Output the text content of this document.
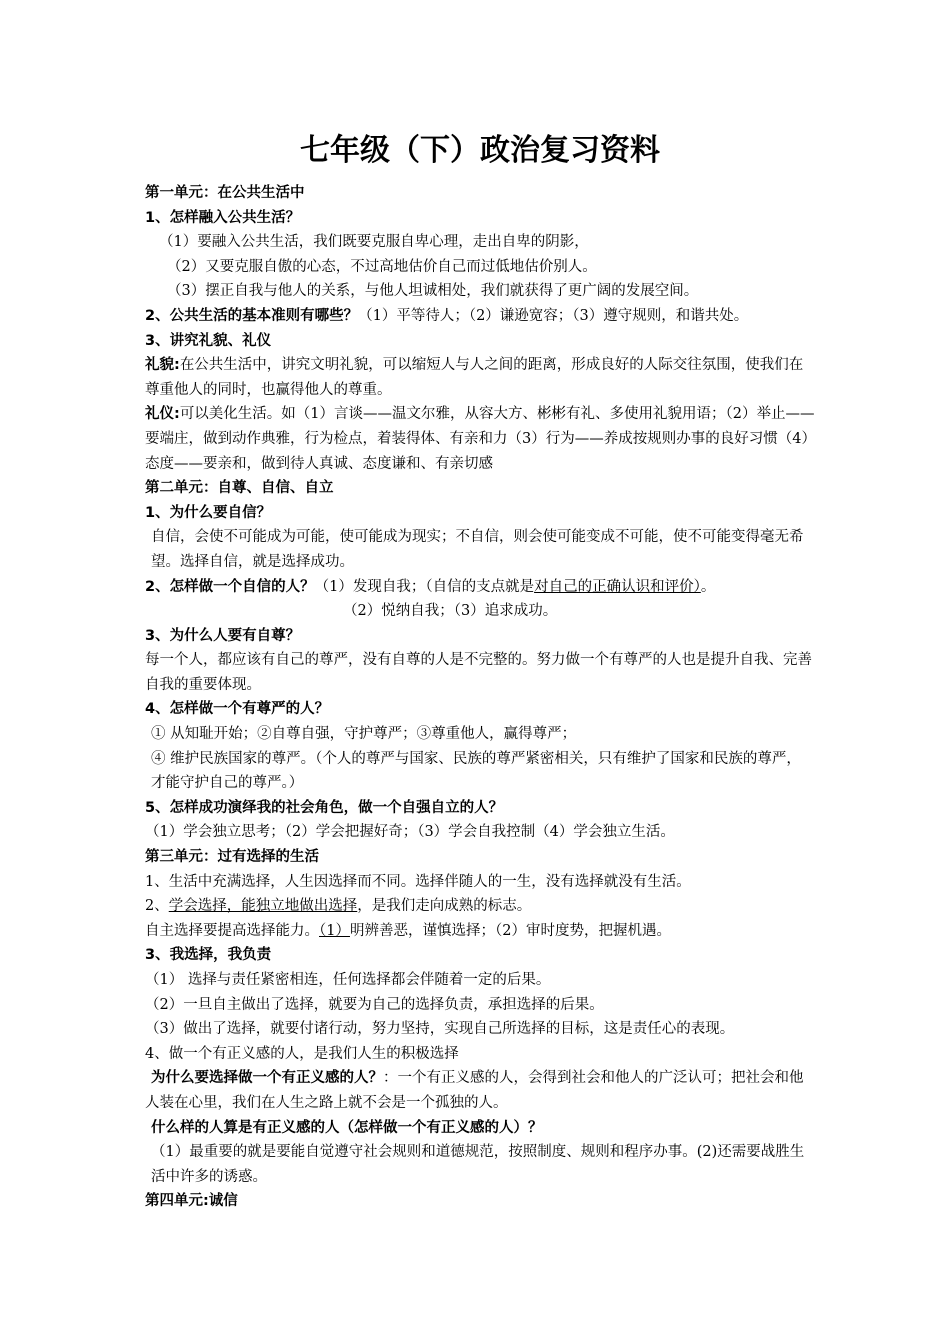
七年级（下）政治复习资料
第一单元：在公共生活中
1、怎样融入公共生活？
（1）要融入公共生活，我们既要克服自卑心理，走出自卑的阴影，
（2）又要克服自傲的心态，不过高地估价自己而过低地估价别人。
（3）摆正自我与他人的关系，与他人坦诚相处，我们就获得了更广阔的发展空间。
2、公共生活的基本准则有哪些？（1）平等待人；（2）谦逊宽容；（3）遵守规则，和谐共处。
3、讲究礼貌、礼仪
礼貌:在公共生活中，讲究文明礼貌，可以缩短人与人之间的距离，形成良好的人际交往氛围，使我们在尊重他人的同时，也赢得他人的尊重。
礼仪:可以美化生活。如（1）言谈——温文尔雅，从容大方、彬彬有礼、多使用礼貌用语；（2）举止——要端庄，做到动作典雅，行为检点，着装得体、有亲和力（3）行为——养成按规则办事的良好习惯（4）态度——要亲和，做到待人真诚、态度谦和、有亲切感
第二单元：自尊、自信、自立
1、为什么要自信？
自信，会使不可能成为可能，使可能成为现实；不自信，则会使可能变成不可能，使不可能变得毫无希望。选择自信，就是选择成功。
2、怎样做一个自信的人？（1）发现自我；（自信的支点就是对自己的正确认识和评价）。
（2）悦纳自我；（3）追求成功。
3、为什么人要有自尊？
每一个人，都应该有自己的尊严，没有自尊的人是不完整的。努力做一个有尊严的人也是提升自我、完善自我的重要体现。
4、怎样做一个有尊严的人？
① 从知耻开始；②自尊自强，守护尊严；③尊重他人，赢得尊严；
④ 维护民族国家的尊严。（个人的尊严与国家、民族的尊严紧密相关，只有维护了国家和民族的尊严，才能守护自己的尊严。）
5、怎样成功演绎我的社会角色，做一个自强自立的人？
（1）学会独立思考；（2）学会把握好奇；（3）学会自我控制（4）学会独立生活。
第三单元：过有选择的生活
1、生活中充满选择，人生因选择而不同。选择伴随人的一生，没有选择就没有生活。
2、学会选择，能独立地做出选择，是我们走向成熟的标志。
自主选择要提高选择能力。（1）明辨善恶，谨慎选择；（2）审时度势，把握机遇。
3、我选择，我负责
（1） 选择与责任紧密相连，任何选择都会伴随着一定的后果。
（2）一旦自主做出了选择，就要为自己的选择负责，承担选择的后果。
（3）做出了选择，就要付诸行动，努力坚持，实现自己所选择的目标，这是责任心的表现。
4、做一个有正义感的人，是我们人生的积极选择
为什么要选择做一个有正义感的人？：一个有正义感的人，会得到社会和他人的广泛认可；把社会和他人装在心里，我们在人生之路上就不会是一个孤独的人。
什么样的人算是有正义感的人（怎样做一个有正义感的人）？
（1）最重要的就是要能自觉遵守社会规则和道德规范，按照制度、规则和程序办事。(2)还需要战胜生活中许多的诱惑。
第四单元:诚信
